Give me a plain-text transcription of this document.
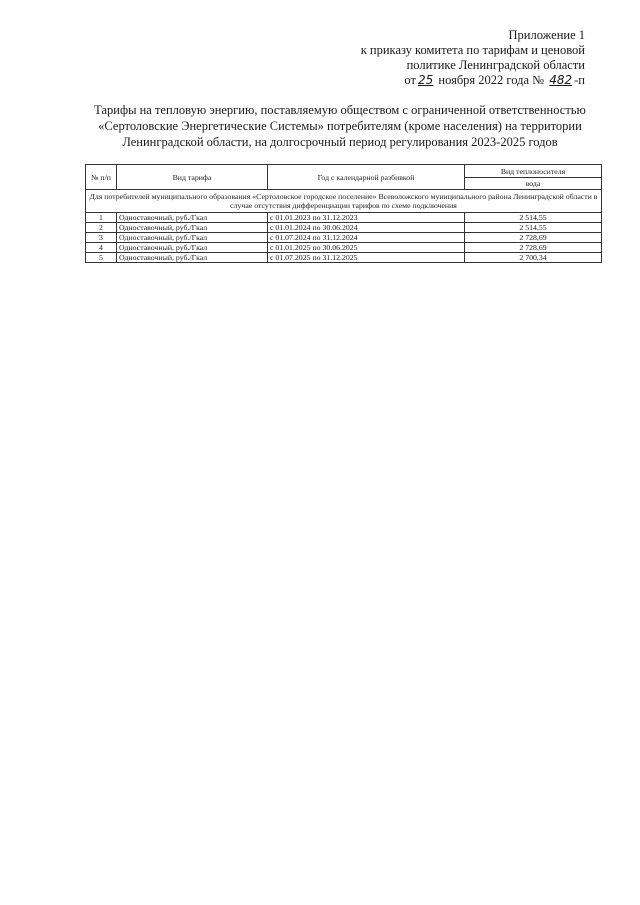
Приложение 1
к приказу комитета по тарифам и ценовой
политике Ленинградской области
от 25 ноября 2022 года № 482 -п
Тарифы на тепловую энергию, поставляемую обществом с ограниченной ответственностью
«Сертоловские Энергетические Системы» потребителям (кроме населения) на территории
Ленинградской области, на долгосрочный период регулирования 2023-2025 годов
№ п/п	Вид тарифа	Год с календарной разбивкой	Вид теплоносителя
			вода
Для потребителей муниципального образования «Сертоловское городское поселение» Всеволожского муниципального района Ленинградской области в случае отсутствия дифференциации тарифов по схеме подключения			
1	Одноставочный, руб./Гкал	с 01.01.2023 по 31.12.2023	2 514,55
2	Одноставочный, руб./Гкал	с 01.01.2024 по 30.06.2024	2 514,55
3	Одноставочный, руб./Гкал	с 01.07.2024 по 31.12.2024	2 728,69
4	Одноставочный, руб./Гкал	с 01.01.2025 по 30.06.2025	2 728,69
5	Одноставочный, руб./Гкал	с 01.07.2025 по 31.12.2025	2 700,34
